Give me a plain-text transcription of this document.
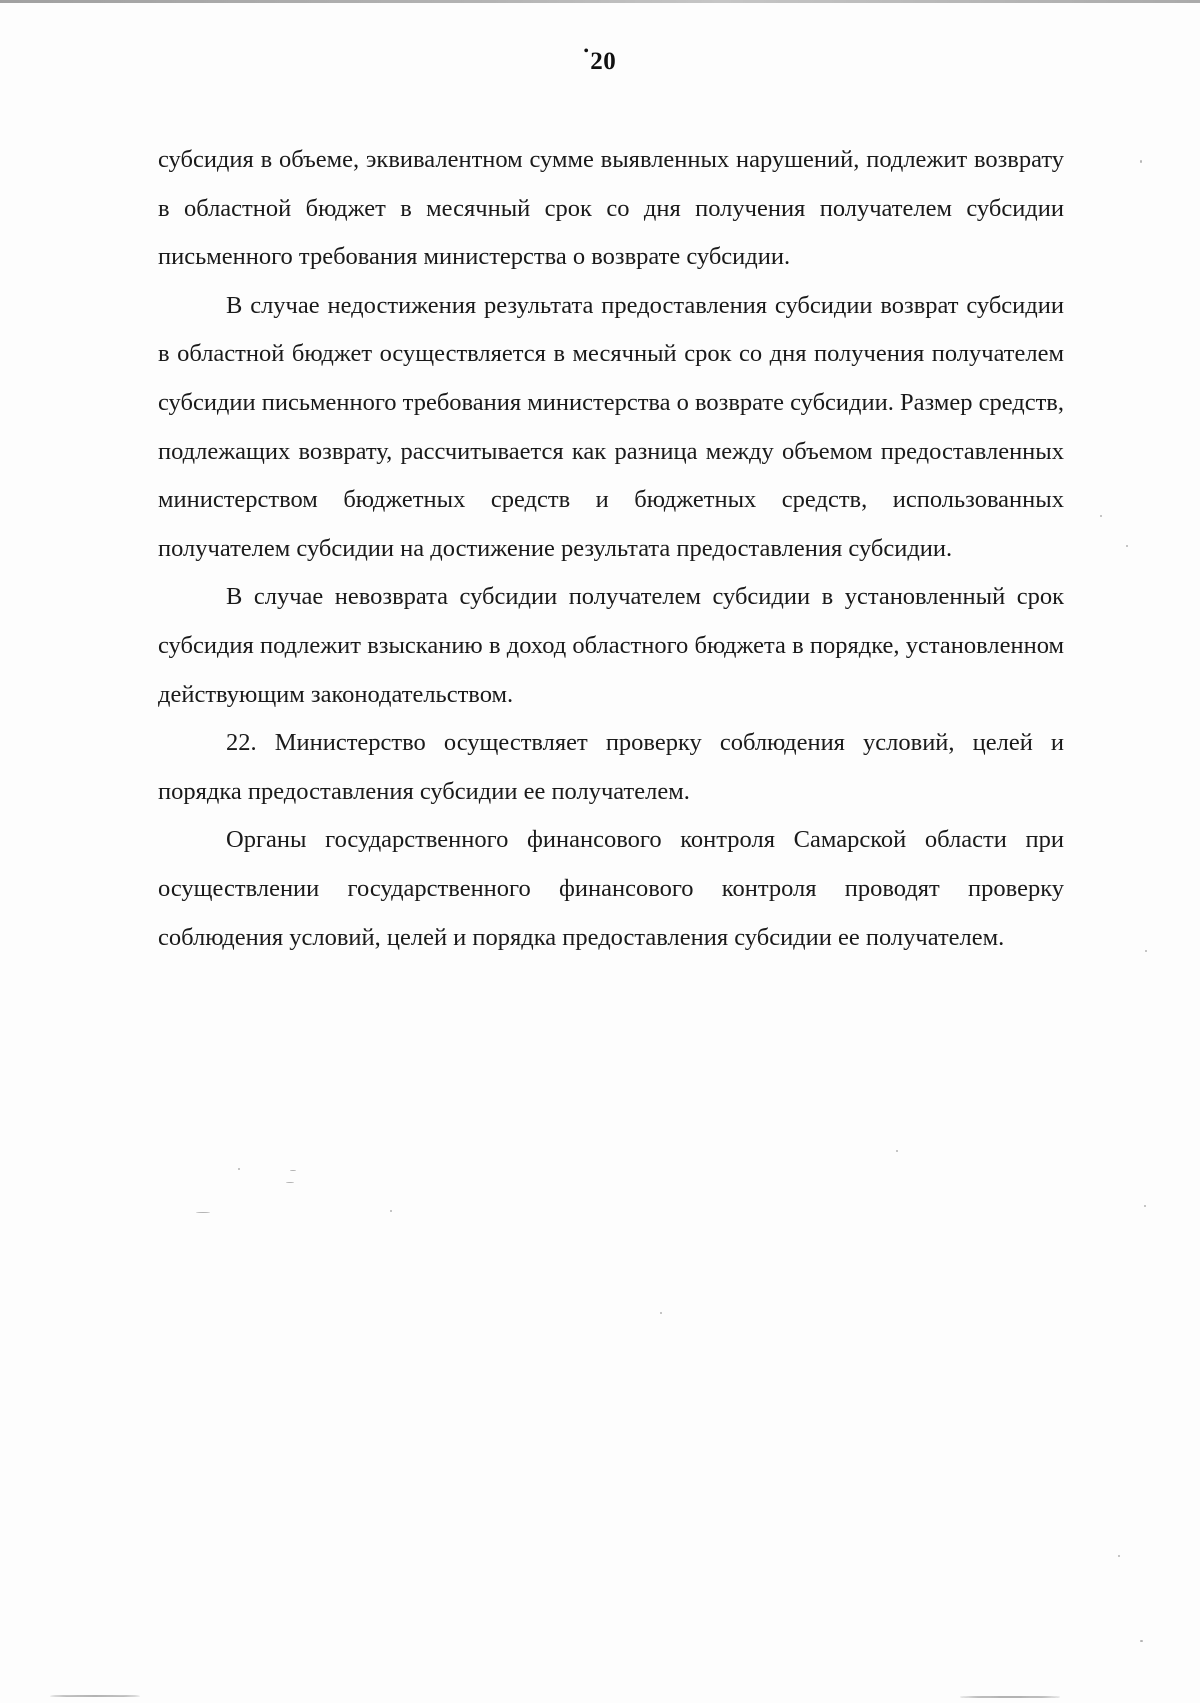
•20

субсидия в объеме, эквивалентном сумме выявленных нарушений, подлежит возврату в областной бюджет в месячный срок со дня получения получателем субсидии письменного требования министерства о возврате субсидии.

В случае недостижения результата предоставления субсидии возврат субсидии в областной бюджет осуществляется в месячный срок со дня получения получателем субсидии письменного требования министерства о возврате субсидии. Размер средств, подлежащих возврату, рассчитывается как разница между объемом предоставленных министерством бюджетных средств и бюджетных средств, использованных получателем субсидии на достижение результата предоставления субсидии.

В случае невозврата субсидии получателем субсидии в установленный срок субсидия подлежит взысканию в доход областного бюджета в порядке, установленном действующим законодательством.

22. Министерство осуществляет проверку соблюдения условий, целей и порядка предоставления субсидии ее получателем.

Органы государственного финансового контроля Самарской области при осуществлении государственного финансового контроля проводят проверку соблюдения условий, целей и порядка предоставления субсидии ее получателем.
